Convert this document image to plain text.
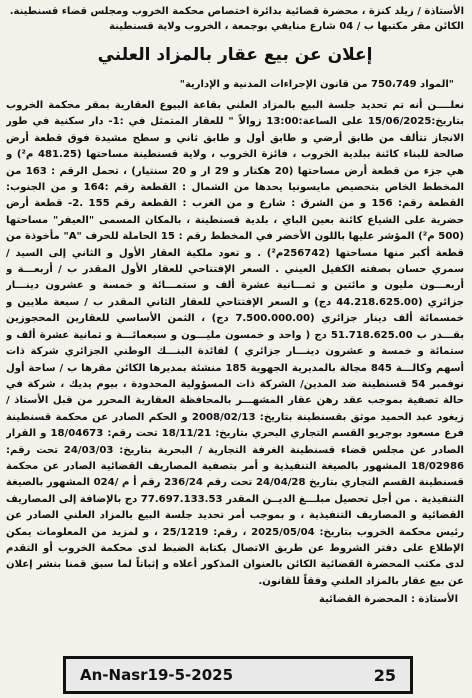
الأستاذة / زيلد كنزة ، محضرة قضائية بدائرة اختصاص محكمة الخروب ومجلس قضاء قسنطينة.

الكائن مقر مكتبها ب / 04 شارع منايفي بوجمعة ، الخروب ولاية قسنطينة

إعلان عن بيع عقار بالمزاد العلني
"المواد 750،749 من قانون الإجراءات المدنية و الإدارية"

نعلــــن أنه تم تحديد جلسة البيع بالمزاد العلني بقاعة البيوع العقارية بمقر محكمة الخروب بتاريخ:15/06/2025 على الساعة:13:00 زوالاً " للعقار المتمثل في :1- دار سكنية في طور الانجاز تتألف من طابق أرضي و طابق أول و طابق ثاني و سطح مشيدة فوق قطعة أرض صالحة للبناء كائنة ببلدية الخروب ، فائزة الخروب ، ولاية قسنطينة مساحتها (481.25 م²) و هي جزء من قطعة أرض مساحتها (20 هكتار و 29 ار و 20 سنتيار) ، تحمل الرقم : 163 من المخطط الخاص بتحصيص مايسونيا يحدها من الشمال : القطعة رقم :164 و من الجنوب: القطعة رقم: 156 و من الشرق : شارع و من الغرب : القطعة رقم 155 .2- قطعة أرض حضرية على الشياع كائنة بعين الباي ، بلدية قسنطينة ، بالمكان المسمى "العيفر" مساحتها (500 م²) المؤشر عليها باللون الأخضر في المخطط رقم : 15 الحاملة للحرف "A" مأخوذة من قطعة أكبر منها مساحتها (256742م²) . و تعود ملكية العقار الأول و الثاني إلى السيد / سمري حسان بصفته الكفيل العيني . السعر الإفتتاحي للعقار الأول المقدر ب / أربعـــة و أربعـــون مليون و مائتين و ثمـــانية عشرة ألف و ستمـــائة و خمسة و عشرون دينـــار جزائري (44.218.625.00 دج) و السعر الإفتتاحي للعقار الثاني المقدر ب / سبعة ملايين و خمسمائة ألف دينار جزائري (7.500.000.00 دج) ، الثمن الأساسي للعقارين المحجوزين بقـــدر ب 51.718.625.00 دج ( واحد و خمسون مليـــون و سبعمائـــة و ثمانية عشرة ألف و ستمائة و خمسة و عشرون دينـــار جزائري ) لفائدة البنـــك الوطني الجزائري شركة ذات أسهم وكالـــة 845 مجالة بالمديرية الجهوية 185 منشئة بمديرها الكائن مقرها ب / ساحة أول نوفمبر 54 قسنطينة ضد المدين/ الشركة ذات المسؤولية المحدودة ، بيوم يديك ، شركة في حالة تصفية بموجب عقد رهن عقار المشهـــر بالمحافظة العقارية المحرر من قبل الأستاذ / زيغود عبد الحميد موثق بقسنطينة بتاريخ: 2008/02/13 و الحكم الصادر عن محكمة قسنطينة فرع مسعود بوجريو القسم التجاري البحري بتاريخ: 18/11/21 تحت رقم: 18/04673 و القرار الصادر عن مجلس قضاء قسنطينة الغرفة التجارية / البحرية بتاريخ: 24/03/03 تحت رقم: 18/02986 المشهور بالصيغة التنفيذية و أمر بتصفية المصاريف القضائية الصادر عن محكمة قسنطينة القسم التجاري بتاريخ 24/04/28 تحت رقم 236/24 رقم أ م /024 المشهور بالصيغة التنفيذية . من أجل تحصيل مبلـــغ الديــن المقدر 77.697.133.53 دج بالإضافة إلى المصاريف القضائية و المصاريف التنفيذية ، و بموجب أمر تحديد جلسة البيع بالمزاد العلني الصادر عن رئيس محكمة الخروب بتاريخ: 2025/05/04 ، رقم: 25/1219 ، و لمزيد من المعلومات يمكن الإطلاع على دفتر الشروط عن طريق الاتصال بكتابة الضبط لدى محكمة الخروب أو التقدم لدى مكتب المحضرة القضائية الكائن بالعنوان المذكور أعلاه و إثباتاً لما سبق قمنا بنشر إعلان عن بيع عقار بالمزاد العلني وفقاً للقانون.

الأستاذة : المحضرة القضائية
An-Nasr19-5-2025	25
